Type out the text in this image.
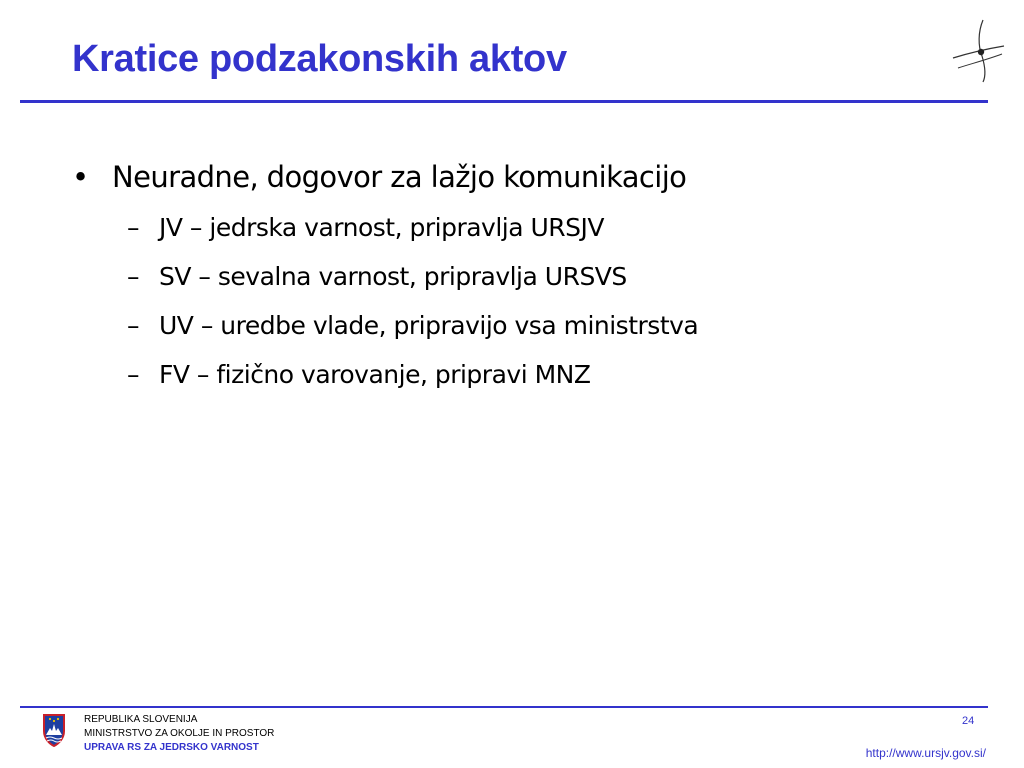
Kratice podzakonskih aktov
• Neuradne, dogovor za lažjo komunikacijo
– JV – jedrska varnost, pripravlja URSJV
– SV – sevalna varnost, pripravlja URSVS
– UV – uredbe vlade, pripravijo vsa ministrstva
– FV – fizično varovanje, pripravi MNZ
REPUBLIKA SLOVENIJA
MINISTRSTVO ZA OKOLJE IN PROSTOR
UPRAVA RS ZA JEDRSKO VARNOST
24
http://www.ursjv.gov.si/
